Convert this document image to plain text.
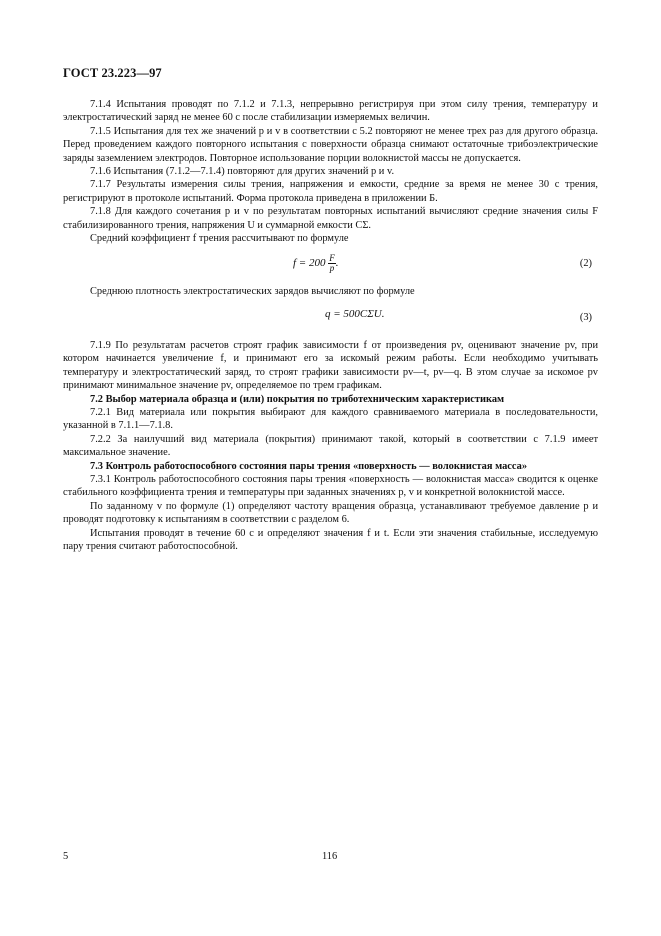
ГОСТ 23.223—97

7.1.4 Испытания проводят по 7.1.2 и 7.1.3, непрерывно регистрируя при этом силу трения, температуру и электростатический заряд не менее 60 с после стабилизации измеряемых величин.

7.1.5 Испытания для тех же значений p и v в соответствии с 5.2 повторяют не менее трех раз для другого образца. Перед проведением каждого повторного испытания с поверхности образца снимают остаточные трибоэлектрические заряды заземлением электродов. Повторное использование порции волокнистой массы не допускается.

7.1.6 Испытания (7.1.2—7.1.4) повторяют для других значений p и v.

7.1.7 Результаты измерения силы трения, напряжения и емкости, средние за время не менее 30 с трения, регистрируют в протоколе испытаний. Форма протокола приведена в приложении Б.

7.1.8 Для каждого сочетания p и v по результатам повторных испытаний вычисляют средние значения силы F стабилизированного трения, напряжения U и суммарной емкости CΣ.

Средний коэффициент f трения рассчитывают по формуле

$f = 200 \frac{F}{p}$ .	(2)

Среднюю плотность электростатических зарядов вычисляют по формуле

q = 500CΣU.	(3)

7.1.9 По результатам расчетов строят график зависимости f от произведения pv, оценивают значение pv, при котором начинается увеличение f, и принимают его за искомый режим работы. Если необходимо учитывать температуру и электростатический заряд, то строят графики зависимости pv—t, pv—q. В этом случае за искомое pv принимают минимальное значение pv, определяемое по трем графикам.

7.2 Выбор материала образца и (или) покрытия по триботехническим характеристикам

7.2.1 Вид материала или покрытия выбирают для каждого сравниваемого материала в последовательности, указанной в 7.1.1—7.1.8.

7.2.2 За наилучший вид материала (покрытия) принимают такой, который в соответствии с 7.1.9 имеет максимальное значение.

7.3 Контроль работоспособного состояния пары трения «поверхность — волокнистая масса»

7.3.1 Контроль работоспособного состояния пары трения «поверхность — волокнистая масса» сводится к оценке стабильного коэффициента трения и температуры при заданных значениях p, v и конкретной волокнистой массе.

По заданному v по формуле (1) определяют частоту вращения образца, устанавливают требуемое давление p и проводят подготовку к испытаниям в соответствии с разделом 6.

Испытания проводят в течение 60 с и определяют значения f и t. Если эти значения стабильные, исследуемую пару трения считают работоспособной.

5	116
